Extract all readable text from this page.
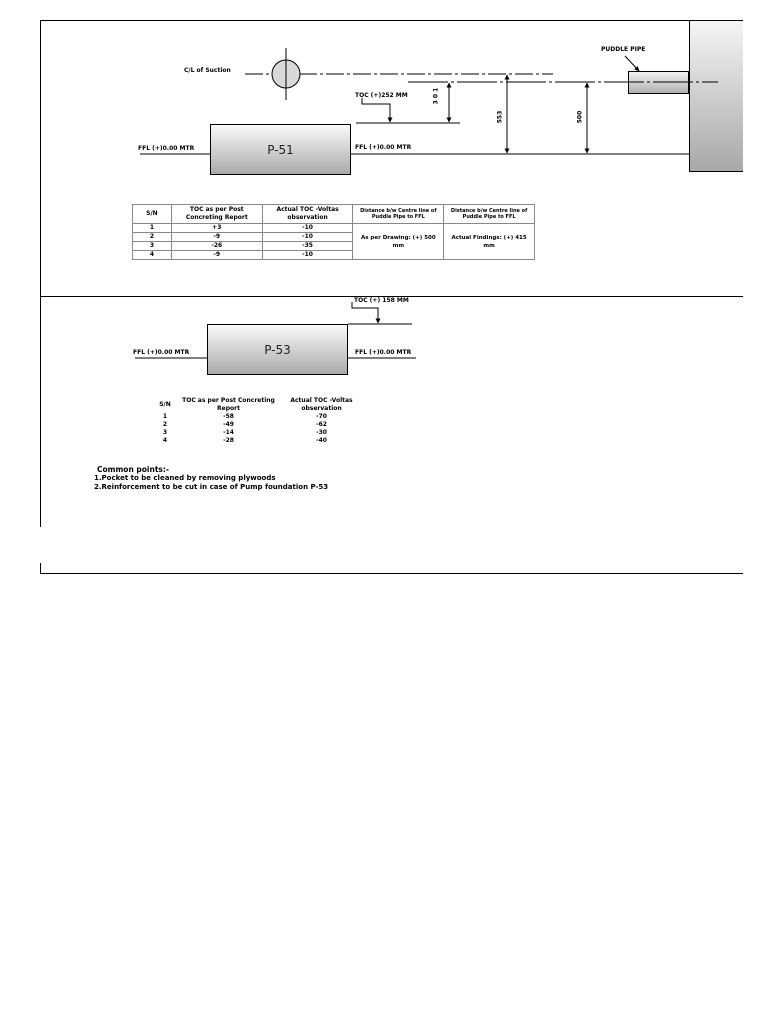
PUDDLE PIPE
C/L of Suction
FFL (+)0.00 MTR	FFL (+)0.00 MTR
TOC (+)252 MM
P-51
3 0 1
553	500
S/N	TOC as per Post Concreting Report	Actual TOC -Voltas observation	Distance b/w Centre line of Puddle Pipe to FFL	Distance b/w Centre line of Puddle Pipe to FFL
1	+3	-10	As per Drawing: (+) 500 mm	Actual Findings: (+) 415 mm
2	-9	-10		
3	-26	-35		
4	-9	-10		
TOC (+) 158 MM
FFL (+)0.00 MTR	FFL (+)0.00 MTR
P-53
S/N	TOC as per Post Concreting Report	Actual TOC -Voltas observation
1	-58	-70
2	-49	-62
3	-14	-30
4	-28	-40
Common points:-
1.Pocket to be cleaned by removing plywoods
2.Reinforcement to be cut in case of Pump foundation P-53
